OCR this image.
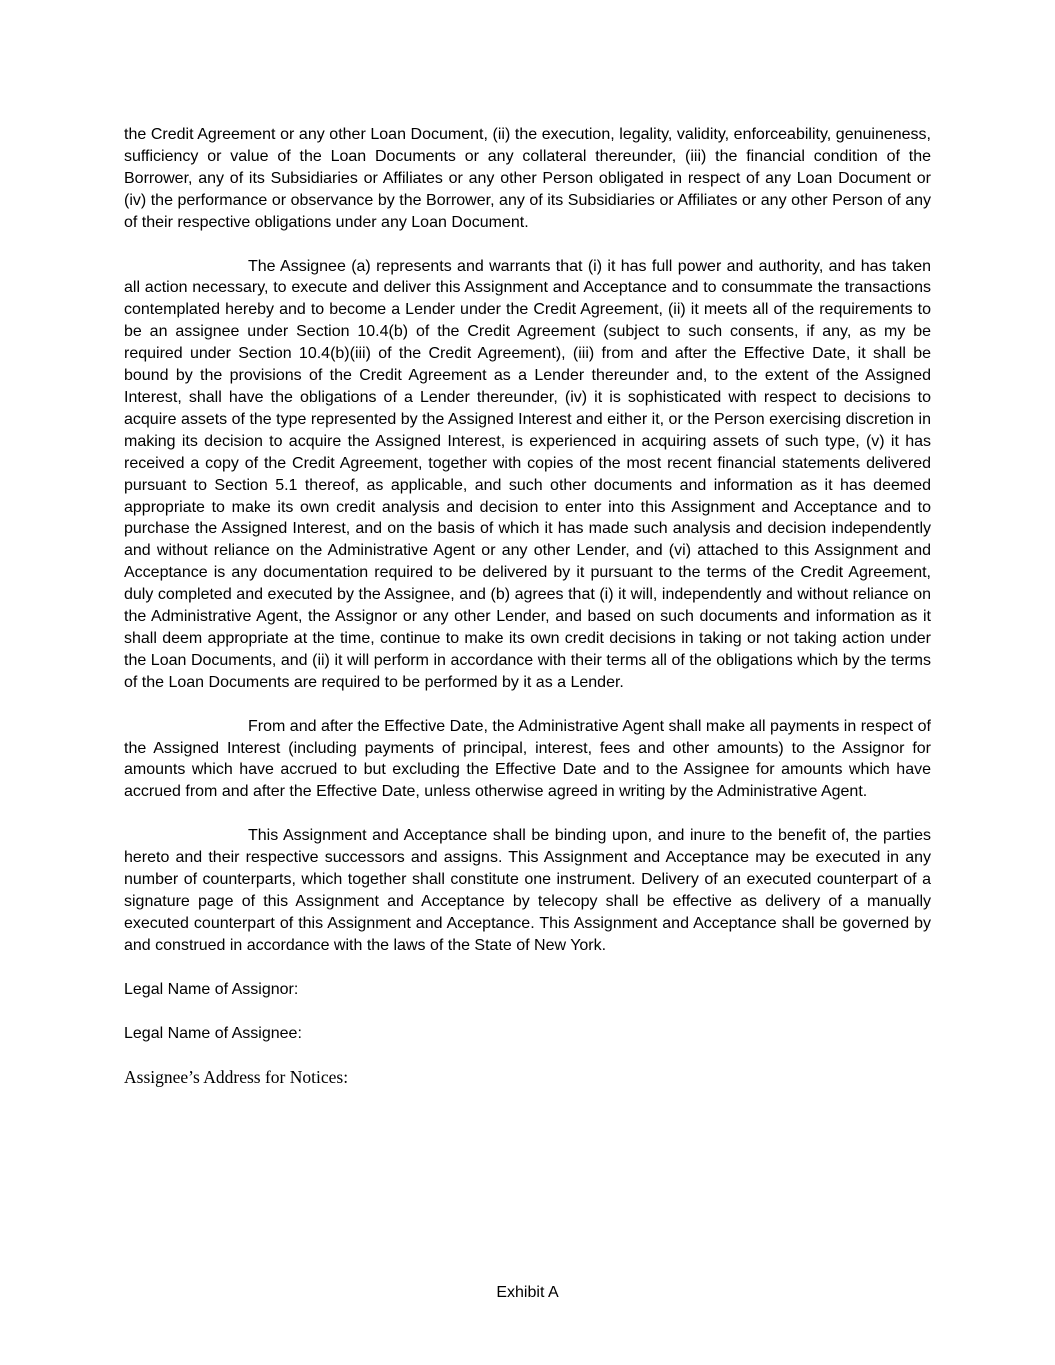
the Credit Agreement or any other Loan Document, (ii) the execution, legality, validity, enforceability, genuineness, sufficiency or value of the Loan Documents or any collateral thereunder, (iii) the financial condition of the Borrower, any of its Subsidiaries or Affiliates or any other Person obligated in respect of any Loan Document or (iv) the performance or observance by the Borrower, any of its Subsidiaries or Affiliates or any other Person of any of their respective obligations under any Loan Document.

The Assignee (a) represents and warrants that (i) it has full power and authority, and has taken all action necessary, to execute and deliver this Assignment and Acceptance and to consummate the transactions contemplated hereby and to become a Lender under the Credit Agreement, (ii) it meets all of the requirements to be an assignee under Section 10.4(b) of the Credit Agreement (subject to such consents, if any, as my be required under Section 10.4(b)(iii) of the Credit Agreement), (iii) from and after the Effective Date, it shall be bound by the provisions of the Credit Agreement as a Lender thereunder and, to the extent of the Assigned Interest, shall have the obligations of a Lender thereunder, (iv) it is sophisticated with respect to decisions to acquire assets of the type represented by the Assigned Interest and either it, or the Person exercising discretion in making its decision to acquire the Assigned Interest, is experienced in acquiring assets of such type, (v) it has received a copy of the Credit Agreement, together with copies of the most recent financial statements delivered pursuant to Section 5.1 thereof, as applicable, and such other documents and information as it has deemed appropriate to make its own credit analysis and decision to enter into this Assignment and Acceptance and to purchase the Assigned Interest, and on the basis of which it has made such analysis and decision independently and without reliance on the Administrative Agent or any other Lender, and (vi) attached to this Assignment and Acceptance is any documentation required to be delivered by it pursuant to the terms of the Credit Agreement, duly completed and executed by the Assignee, and (b) agrees that (i) it will, independently and without reliance on the Administrative Agent, the Assignor or any other Lender, and based on such documents and information as it shall deem appropriate at the time, continue to make its own credit decisions in taking or not taking action under the Loan Documents, and (ii) it will perform in accordance with their terms all of the obligations which by the terms of the Loan Documents are required to be performed by it as a Lender.

From and after the Effective Date, the Administrative Agent shall make all payments in respect of the Assigned Interest (including payments of principal, interest, fees and other amounts) to the Assignor for amounts which have accrued to but excluding the Effective Date and to the Assignee for amounts which have accrued from and after the Effective Date, unless otherwise agreed in writing by the Administrative Agent.

This Assignment and Acceptance shall be binding upon, and inure to the benefit of, the parties hereto and their respective successors and assigns. This Assignment and Acceptance may be executed in any number of counterparts, which together shall constitute one instrument. Delivery of an executed counterpart of a signature page of this Assignment and Acceptance by telecopy shall be effective as delivery of a manually executed counterpart of this Assignment and Acceptance. This Assignment and Acceptance shall be governed by and construed in accordance with the laws of the State of New York.

Legal Name of Assignor:
Legal Name of Assignee:
Assignee’s Address for Notices:
Exhibit A
